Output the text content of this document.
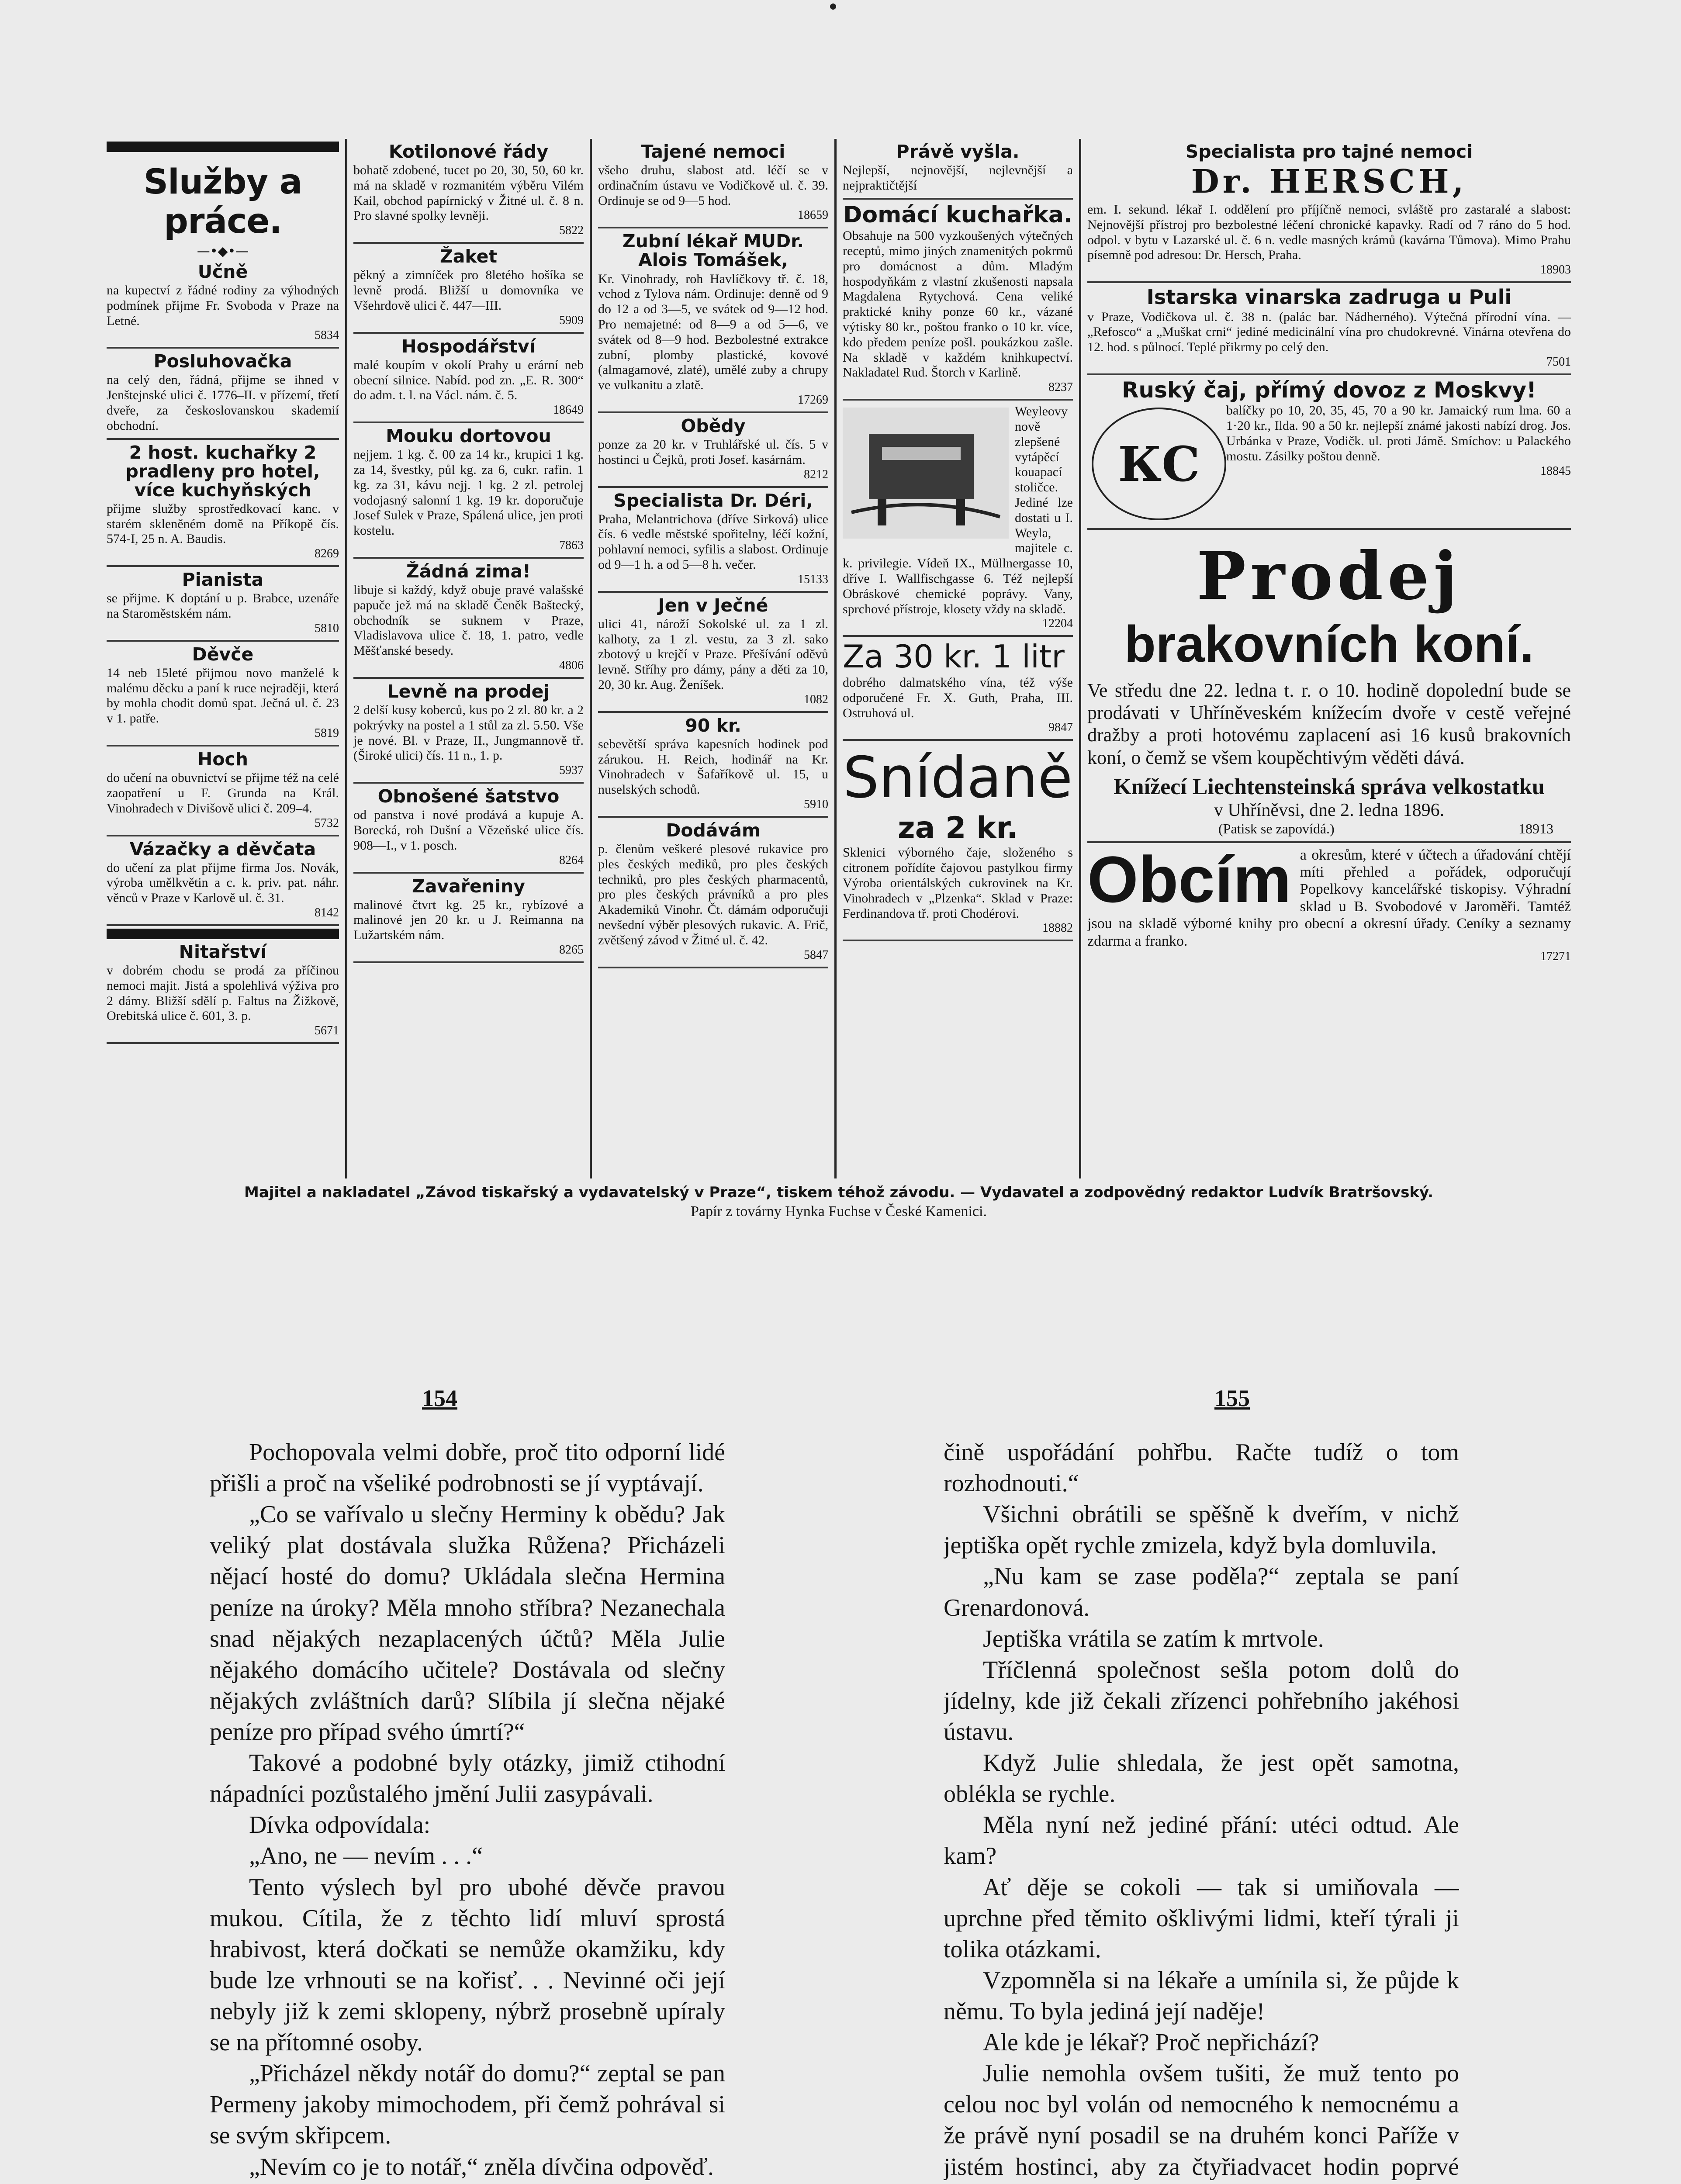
Služby a práce.
—•◆•—
Učně

na kupectví z řádné rodiny za výhodných podmínek přijme Fr. Svoboda v Praze na Letné.

5834
Posluhovačka

na celý den, řádná, přijme se ihned v Jenštejnské ulici č. 1776–II. v přízemí, třetí dveře, za českoslovanskou skademií obchodní.

2 host. kuchařky 2 pradleny pro hotel, více kuchyňských

přijme služby sprostředkovací kanc. v starém skleněném domě na Příkopě čís. 574-I, 25 n. A. Baudis.

8269
Pianista

se přijme. K doptání u p. Brabce, uzenáře na Staroměstském nám.

5810
Děvče

14 neb 15leté přijmou novo manželé k malému děcku a paní k ruce nejraději, která by mohla chodit domů spat. Ječná ul. č. 23 v 1. patře.

5819
Hoch

do učení na obuvnictví se přijme též na celé zaopatření u F. Grunda na Král. Vinohradech v Divišově ulici č. 209–4.

5732
Vázačky a děvčata

do učení za plat přijme firma Jos. Novák, výroba umělkvětin a c. k. priv. pat. náhr. věnců v Praze v Karlově ul. č. 31.

8142
Nitařství

v dobrém chodu se prodá za příčinou nemoci majit. Jistá a spolehlivá výživa pro 2 dámy. Bližší sdělí p. Faltus na Žižkově, Orebitská ulice č. 601, 3. p.

5671
Kotilonové řády

bohatě zdobené, tucet po 20, 30, 50, 60 kr. má na skladě v rozmanitém výběru Vilém Kail, obchod papírnický v Žitné ul. č. 8 n. Pro slavné spolky levněji.

5822
Žaket

pěkný a zimníček pro 8letého hošíka se levně prodá. Bližší u domovníka ve Všehrdově ulici č. 447—III.

5909
Hospodářství

malé koupím v okolí Prahy u erární neb obecní silnice. Nabíd. pod zn. „E. R. 300“ do adm. t. l. na Václ. nám. č. 5.

18649
Mouku dortovou

nejjem. 1 kg. č. 00 za 14 kr., krupici 1 kg. za 14, švestky, půl kg. za 6, cukr. rafin. 1 kg. za 31, kávu nejj. 1 kg. 2 zl. petrolej vodojasný salonní 1 kg. 19 kr. doporučuje Josef Sulek v Praze, Spálená ulice, jen proti kostelu.

7863
Žádná zima!

libuje si každý, když obuje pravé valašské papuče jež má na skladě Čeněk Baštecký, obchodník se suknem v Praze, Vladislavova ulice č. 18, 1. patro, vedle Měšťanské besedy.

4806
Levně na prodej

2 delší kusy koberců, kus po 2 zl. 80 kr. a 2 pokrývky na postel a 1 stůl za zl. 5.50. Vše je nové. Bl. v Praze, II., Jungmannově tř. (Široké ulici) čís. 11 n., 1. p.

5937
Obnošené šatstvo

od panstva i nové prodává a kupuje A. Borecká, roh Dušní a Vězeňské ulice čís. 908—I., v 1. posch.

8264
Zavařeniny

malinové čtvrt kg. 25 kr., rybízové a malinové jen 20 kr. u J. Reimanna na Lužartském nám.

8265
Tajené nemoci

všeho druhu, slabost atd. léčí se v ordinačním ústavu ve Vodičkově ul. č. 39. Ordinuje se od 9—5 hod.

18659
Zubní lékař MUDr. Alois Tomášek,

Kr. Vinohrady, roh Havlíčkovy tř. č. 18, vchod z Tylova nám. Ordinuje: denně od 9 do 12 a od 3—5, ve svátek od 9—12 hod. Pro nemajetné: od 8—9 a od 5—6, ve svátek od 8—9 hod. Bezbolestné extrakce zubní, plomby plastické, kovové (almagamové, zlaté), umělé zuby a chrupy ve vulkanitu a zlatě.

17269
Obědy

ponze za 20 kr. v Truhlářské ul. čís. 5 v hostinci u Čejků, proti Josef. kasárnám.

8212
Specialista Dr. Déri,

Praha, Melantrichova (dříve Sirková) ulice čís. 6 vedle městské spořitelny, léčí kožní, pohlavní nemoci, syfilis a slabost. Ordinuje od 9—1 h. a od 5—8 h. večer.

15133
Jen v Ječné

ulici 41, nároží Sokolské ul. za 1 zl. kalhoty, za 1 zl. vestu, za 3 zl. sako zbotový u krejčí v Praze. Přešívání oděvů levně. Stříhy pro dámy, pány a děti za 10, 20, 30 kr. Aug. Ženíšek.

1082
90 kr.

sebevětší správa kapesních hodinek pod zárukou. H. Reich, hodinář na Kr. Vinohradech v Šafaříkově ul. 15, u nuselských schodů.

5910
Dodávám

p. členům veškeré plesové rukavice pro ples českých mediků, pro ples českých techniků, pro ples českých pharmacentů, pro ples českých právníků a pro ples Akademiků Vinohr. Čt. dámám odporučuji nevšední výběr plesových rukavic. A. Frič, zvětšený závod v Žitné ul. č. 42.

5847
Právě vyšla.

Nejlepší, nejnovější, nejlevnější a nejpraktičtější

Domácí kuchařka.

Obsahuje na 500 vyzkoušených výtečných receptů, mimo jiných znamenitých pokrmů pro domácnost a dům. Mladým hospodyňkám z vlastní zkušenosti napsala Magdalena Rytychová. Cena veliké praktické knihy ponze 60 kr., vázané výtisky 80 kr., poštou franko o 10 kr. více, kdo předem peníze pošl. poukázkou zašle. Na skladě v každém knihkupectví. Nakladatel Rud. Štorch v Karlině.

8237

Weyleovy nově zlepšené vytápěcí kouapací stoličce. Jediné lze dostati u I. Weyla, majitele c. k. privilegie. Vídeň IX., Müllnergasse 10, dříve I. Wallfischgasse 6. Též nejlepší Obráskové chemické poprávy. Vany, sprchové přístroje, klosety vždy na skladě.

12204
Za 30 kr. 1 litr

dobrého dalmatského vína, též výše odporučené Fr. X. Guth, Praha, III. Ostruhová ul.

9847
Snídaně
za 2 kr.

Sklenici výborného čaje, složeného s citronem pořídíte čajovou pastylkou firmy Výroba orientálských cukrovinek na Kr. Vinohradech v „Plzenka“. Sklad v Praze: Ferdinandova tř. proti Chodérovi.

18882
Specialista pro tajné nemoci
Dr. HERSCH,

em. I. sekund. lékař I. oddělení pro příjíčně nemoci, svláště pro zastaralé a slabost: Nejnovější přístroj pro bezbolestné léčení chronické kapavky. Radí od 7 ráno do 5 hod. odpol. v bytu v Lazarské ul. č. 6 n. vedle masných krámů (kavárna Tůmova). Mimo Prahu písemně pod adresou: Dr. Hersch, Praha.

18903
Istarska vinarska zadruga u Puli

v Praze, Vodičkova ul. č. 38 n. (palác bar. Nádherného). Výtečná přírodní vína. — „Refosco“ a „Muškat crni“ jediné medicinální vína pro chudokrevné. Vinárna otevřena do 12. hod. s půlnocí. Teplé přikrmy po celý den.

7501
Ruský čaj, přímý dovoz z Moskvy!
КС

balíčky po 10, 20, 35, 45, 70 a 90 kr. Jamaický rum lma. 60 a 1·20 kr., Ilda. 90 a 50 kr. nejlepší známé jakosti nabízí drog. Jos. Urbánka v Praze, Vodičk. ul. proti Jámě. Smíchov: u Palackého mostu. Zásilky poštou denně.

18845
Prodej
brakovních koní.

Ve středu dne 22. ledna t. r. o 10. hodině dopolední bude se prodávati v Uhříněveském knížecím dvoře v cestě veřejné dražby a proti hotovému zaplacení asi 16 kusů brakovních koní, o čemž se všem koupěchtivým věděti dává.

Knížecí Liechtensteinská správa velkostatku
v Uhříněvsi, dne 2. ledna 1896.
(Patisk se zapovídá.)	18913
Obcím a okresům, které v účtech a úřadování chtějí míti přehled a pořádek, odporučují Popelkovy kancelářské tiskopisy. Výhradní sklad u B. Svobodové v Jaroměři. Tamtéž jsou na skladě výborné knihy pro obecní a okresní úřady. Ceníky a seznamy zdarma a franko.

17271
Majitel a nakladatel „Závod tiskařský a vydavatelský v Praze“, tiskem téhož závodu. — Vydavatel a zodpovědný redaktor Ludvík Bratršovský.
Papír z továrny Hynka Fuchse v České Kamenici.
154	155

Pochopovala velmi dobře, proč tito odporní lidé přišli a proč na všeliké podrobnosti se jí vyptávají.

„Co se vařívalo u slečny Herminy k obědu? Jak veliký plat dostávala služka Růžena? Přicházeli nějací hosté do domu? Ukládala slečna Hermina peníze na úroky? Měla mnoho stříbra? Nezanechala snad nějakých nezaplacených účtů? Měla Julie nějakého domácího učitele? Dostávala od slečny nějakých zvláštních darů? Slíbila jí slečna nějaké peníze pro případ svého úmrtí?“

Takové a podobné byly otázky, jimiž ctihodní nápadníci pozůstalého jmění Julii zasypávali.

Dívka odpovídala:

„Ano, ne — nevím . . .“

Tento výslech byl pro ubohé děvče pravou mukou. Cítila, že z těchto lidí mluví sprostá hrabivost, která dočkati se nemůže okamžiku, kdy bude lze vrhnouti se na kořisť. . . Nevinné oči její nebyly již k zemi sklopeny, nýbrž prosebně upíraly se na přítomné osoby.

„Přicházel někdy notář do domu?“ zeptal se pan Permeny jakoby mimochodem, při čemž pohrával si se svým skřipcem.

„Nevím co je to notář,“ zněla dívčina odpověď.

čině uspořádání pohřbu. Račte tudíž o tom rozhodnouti.“

Všichni obrátili se spěšně k dveřím, v nichž jeptiška opět rychle zmizela, když byla domluvila.

„Nu kam se zase poděla?“ zeptala se paní Grenardonová.

Jeptiška vrátila se zatím k mrtvole.

Tříčlenná společnost sešla potom dolů do jídelny, kde již čekali zřízenci pohřebního jakéhosi ústavu.

Když Julie shledala, že jest opět samotna, oblékla se rychle.

Měla nyní než jediné přání: utéci odtud. Ale kam?

Ať děje se cokoli — tak si umiňovala — uprchne před těmito ošklivými lidmi, kteří týrali ji tolika otázkami.

Vzpomněla si na lékaře a umínila si, že půjde k němu. To byla jediná její naděje!

Ale kde je lékař? Proč nepřichází?

Julie nemohla ovšem tušiti, že muž tento po celou noc byl volán od nemocného k nemocnému a že právě nyní posadil se na druhém konci Paříže v jistém hostinci, aby za čtyřiadvacet hodin poprvé
